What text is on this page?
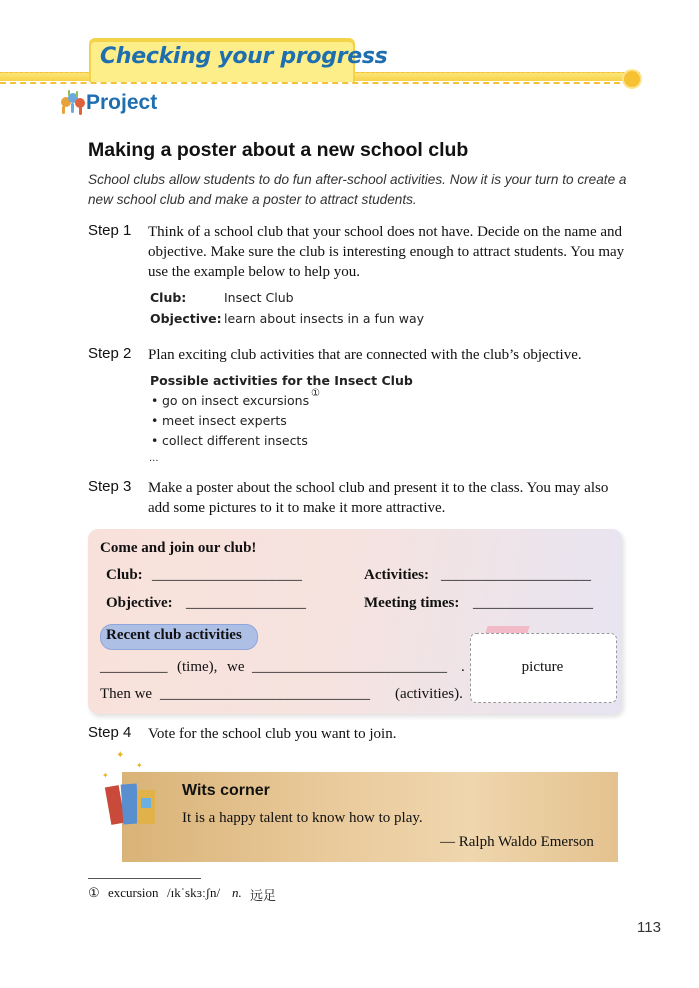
Checking your progress
Project
Making a poster about a new school club
School clubs allow students to do fun after-school activities. Now it is your turn to create a new school club and make a poster to attract students.
Step 1 Think of a school club that your school does not have. Decide on the name and objective. Make sure the club is interesting enough to attract students. You may use the example below to help you.
Club:	Insect Club
Objective: learn about insects in a fun way
Step 2 Plan exciting club activities that are connected with the club’s objective.
Possible activities for the Insect Club
• go on insect excursions ①
• meet insect experts
• collect different insects
...
Step 3 Make a poster about the school club and present it to the class. You may also add some pictures to it to make it more attractive.
Come and join our club!
Club: ____________________	Activities: ____________________
Objective: ________________	Meeting times: ________________
Recent club activities
_________ (time), we __________________________ .
Then we ____________________________ (activities).
picture
Step 4 Vote for the school club you want to join.
✦
✦
✦
Wits corner
It is a happy talent to know how to play.
— Ralph Waldo Emerson
① excursion /ɪkˈskɜːʃn/ n. 远足
113
